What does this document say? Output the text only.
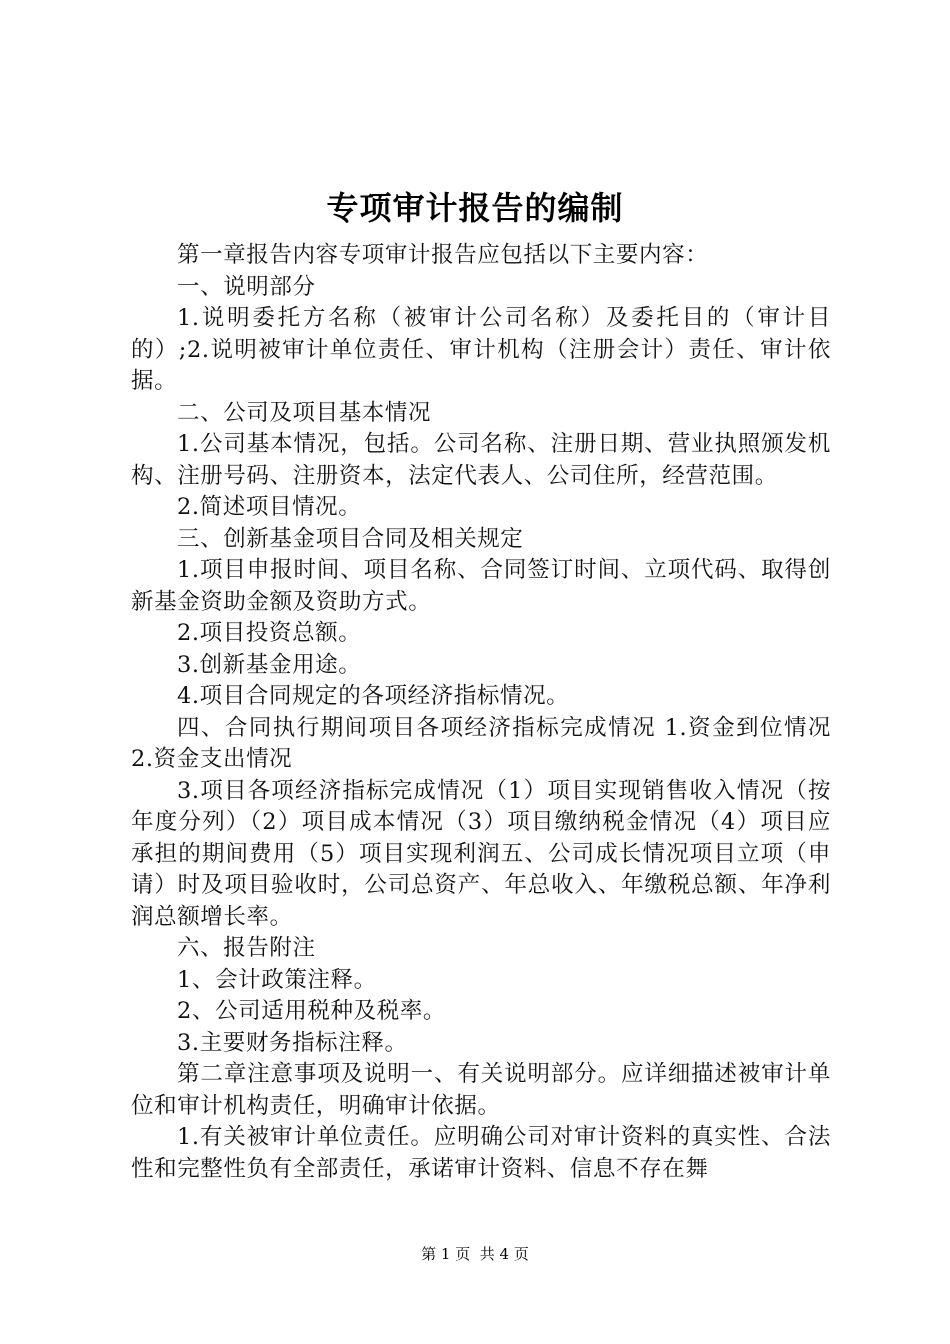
专项审计报告的编制

第一章报告内容专项审计报告应包括以下主要内容：

一、说明部分

1.说明委托方名称（被审计公司名称）及委托目的（审计目的）;2.说明被审计单位责任、审计机构（注册会计）责任、审计依据。

二、公司及项目基本情况

1.公司基本情况，包括。公司名称、注册日期、营业执照颁发机构、注册号码、注册资本，法定代表人、公司住所，经营范围。

2.简述项目情况。

三、创新基金项目合同及相关规定

1.项目申报时间、项目名称、合同签订时间、立项代码、取得创新基金资助金额及资助方式。

2.项目投资总额。

3.创新基金用途。

4.项目合同规定的各项经济指标情况。

四、合同执行期间项目各项经济指标完成情况 1.资金到位情况 2.资金支出情况

3.项目各项经济指标完成情况（1）项目实现销售收入情况（按年度分列）（2）项目成本情况（3）项目缴纳税金情况（4）项目应承担的期间费用（5）项目实现利润五、公司成长情况项目立项（申请）时及项目验收时，公司总资产、年总收入、年缴税总额、年净利润总额增长率。

六、报告附注

1、会计政策注释。

2、公司适用税种及税率。

3.主要财务指标注释。

第二章注意事项及说明一、有关说明部分。应详细描述被审计单位和审计机构责任，明确审计依据。

1.有关被审计单位责任。应明确公司对审计资料的真实性、合法性和完整性负有全部责任，承诺审计资料、信息不存在舞

第 1 页 共 4 页
